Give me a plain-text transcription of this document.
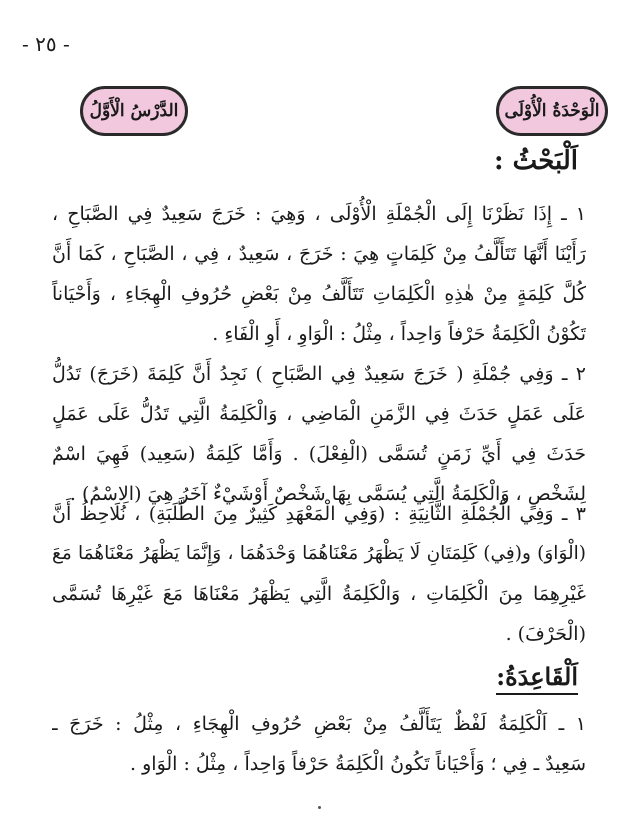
- ٢٥ -
الْوَحْدَةُ الْأُوْلَى
الدَّرْسُ الْأَوَّلُ
اَلْبَحْثُ :
١ ـ إِذَا نَظَرْنَا إِلَى الْجُمْلَةِ الْأُوْلَى ، وَهِيَ : خَرَجَ سَعِيدٌ فِي الصَّبَاحِ ،
رَأَيْنَا أَنَّهَا تَتَأَلَّفُ مِنْ كَلِمَاتٍ هِيَ : خَرَجَ ، سَعِيدٌ ، فِي ، الصَّبَاحِ ، كَمَا أَنَّ
كُلَّ كَلِمَةٍ مِنْ هٰذِهِ الْكَلِمَاتِ تَتَأَلَّفُ مِنْ بَعْضِ حُرُوفِ الْهِجَاءِ ، وَأَحْيَاناً
تَكُوْنُ الْكَلِمَةُ حَرْفاً وَاحِداً ، مِثْلُ : الْوَاوِ ، أَوِ الْفَاءِ .
٢ ـ وَفِي جُمْلَةِ ( خَرَجَ سَعِيدٌ فِي الصَّبَاحِ ) نَجِدُ أَنَّ كَلِمَةَ (خَرَجَ) تَدُلُّ
عَلَى عَمَلٍ حَدَثَ فِي الزَّمَنِ الْمَاضِي ، وَالْكَلِمَةُ الَّتِي تَدُلُّ عَلَى عَمَلٍ
حَدَثَ فِي أَيِّ زَمَنٍ تُسَمَّى (الْفِعْلَ) . وَأَمَّا كَلِمَةُ (سَعِيد) فَهِيَ اسْمٌ
لِشَخْصٍ ، وَالْكَلِمَةُ الَّتِي يُسَمَّى بِهَا شَخْصٌ أَوْشَيْءٌ آخَرُ هِيَ (الِاسْمُ) .
٣ ـ وَفِي الْجُمْلَةِ الثَّانِيَةِ : (وَفِي الْمَعْهَدِ كَثِيرٌ مِنَ الطَّلَبَةِ) ، نُلَاحِظُ أَنَّ
(الْوَاوَ) و(فِي) كَلِمَتَانِ لَا يَظْهَرُ مَعْنَاهُمَا وَحْدَهُمَا ، وَإِنَّمَا يَظْهَرُ مَعْنَاهُمَا مَعَ
غَيْرِهِمَا مِنَ الْكَلِمَاتِ ، وَالْكَلِمَةُ الَّتِي يَظْهَرُ مَعْنَاهَا مَعَ غَيْرِهَا تُسَمَّى
(الْحَرْفَ) .
اَلْقَاعِدَةُ:
١ ـ اَلْكَلِمَةُ لَفْظٌ يَتَأَلَّفُ مِنْ بَعْضِ حُرُوفِ الْهِجَاءِ ، مِثْلُ : خَرَجَ ـ
سَعِيدٌ ـ فِي ؛ وَأَحْيَاناً تَكُونُ الْكَلِمَةُ حَرْفاً وَاحِداً ، مِثْلُ : الْوَاو .
